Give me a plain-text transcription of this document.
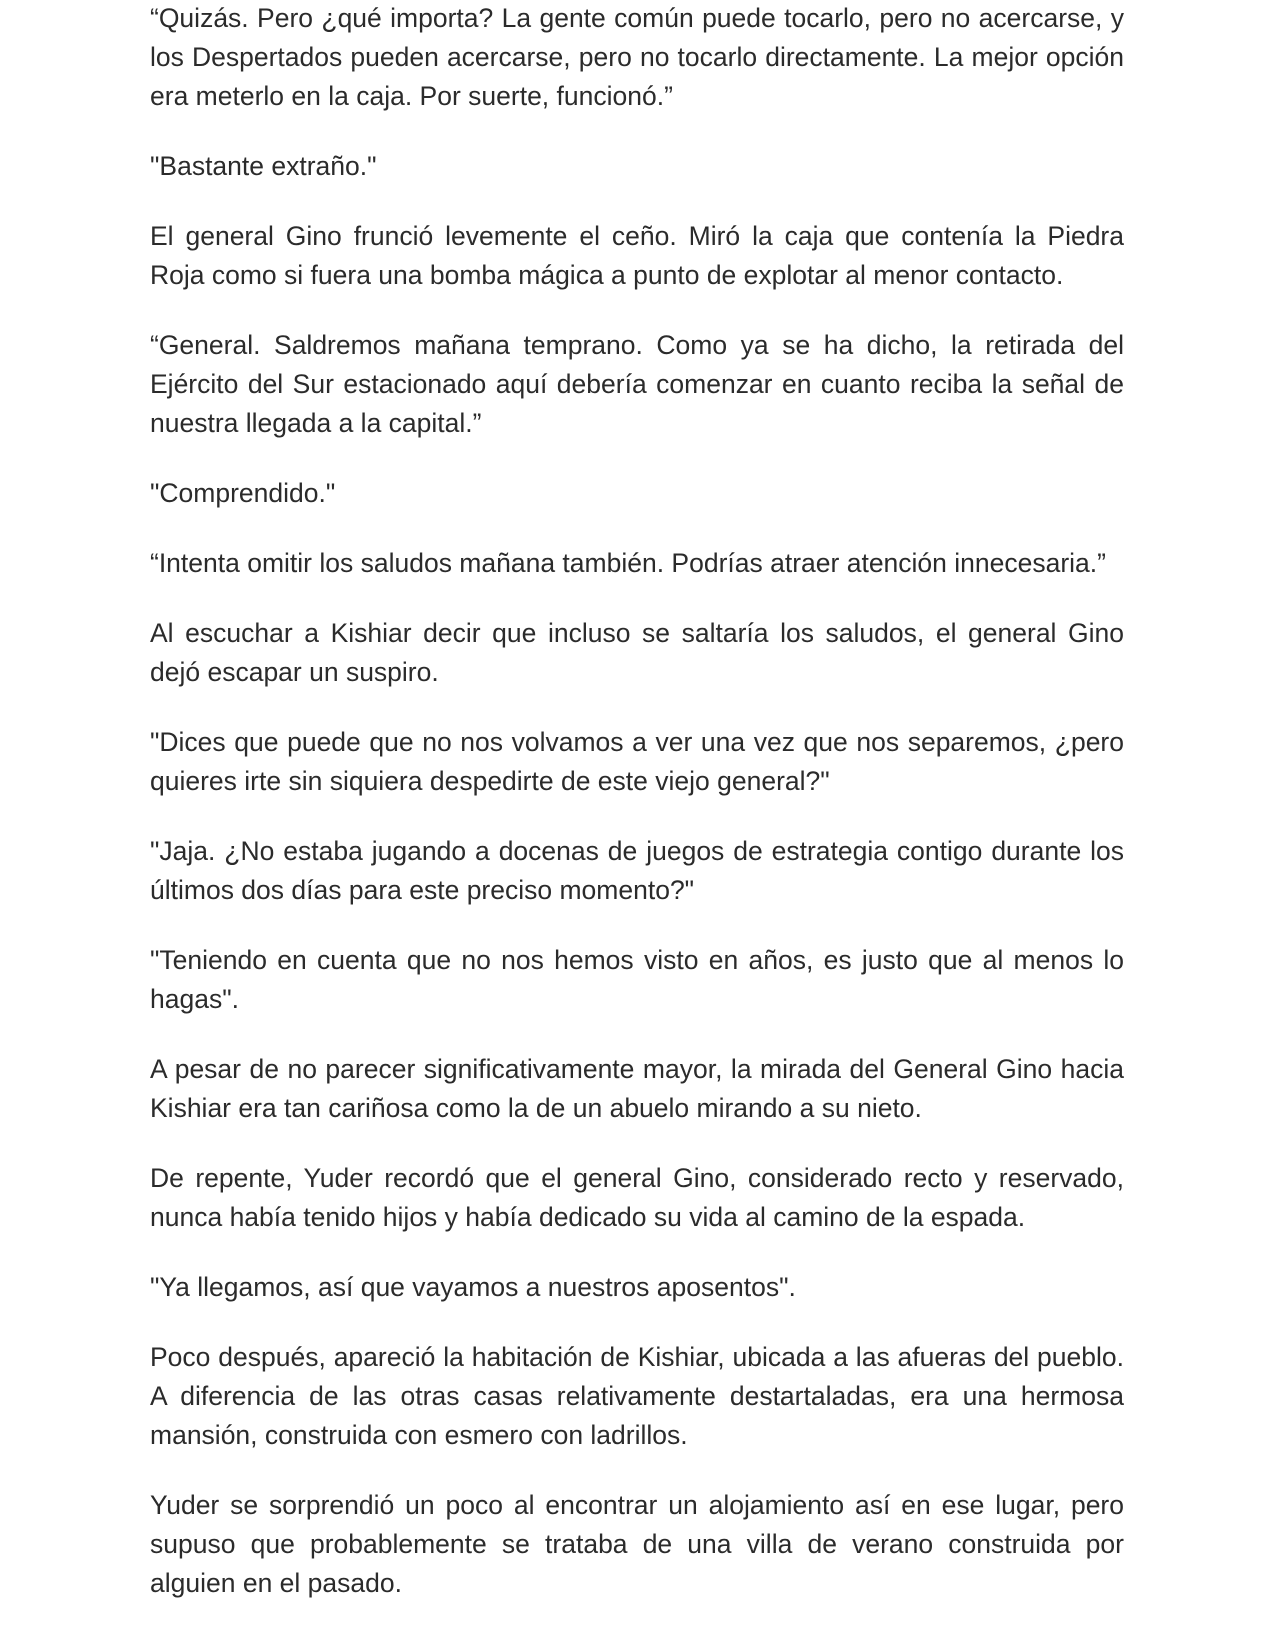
“Quizás. Pero ¿qué importa? La gente común puede tocarlo, pero no acercarse, y los Despertados pueden acercarse, pero no tocarlo directamente. La mejor opción era meterlo en la caja. Por suerte, funcionó.”

"Bastante extraño."

El general Gino frunció levemente el ceño. Miró la caja que contenía la Piedra Roja como si fuera una bomba mágica a punto de explotar al menor contacto.

“General. Saldremos mañana temprano. Como ya se ha dicho, la retirada del Ejército del Sur estacionado aquí debería comenzar en cuanto reciba la señal de nuestra llegada a la capital.”

"Comprendido."

“Intenta omitir los saludos mañana también. Podrías atraer atención innecesaria.”

Al escuchar a Kishiar decir que incluso se saltaría los saludos, el general Gino dejó escapar un suspiro.

"Dices que puede que no nos volvamos a ver una vez que nos separemos, ¿pero quieres irte sin siquiera despedirte de este viejo general?"

"Jaja. ¿No estaba jugando a docenas de juegos de estrategia contigo durante los últimos dos días para este preciso momento?"

"Teniendo en cuenta que no nos hemos visto en años, es justo que al menos lo hagas".

A pesar de no parecer significativamente mayor, la mirada del General Gino hacia Kishiar era tan cariñosa como la de un abuelo mirando a su nieto.

De repente, Yuder recordó que el general Gino, considerado recto y reservado, nunca había tenido hijos y había dedicado su vida al camino de la espada.

"Ya llegamos, así que vayamos a nuestros aposentos".

Poco después, apareció la habitación de Kishiar, ubicada a las afueras del pueblo. A diferencia de las otras casas relativamente destartaladas, era una hermosa mansión, construida con esmero con ladrillos.

Yuder se sorprendió un poco al encontrar un alojamiento así en ese lugar, pero supuso que probablemente se trataba de una villa de verano construida por alguien en el pasado.
